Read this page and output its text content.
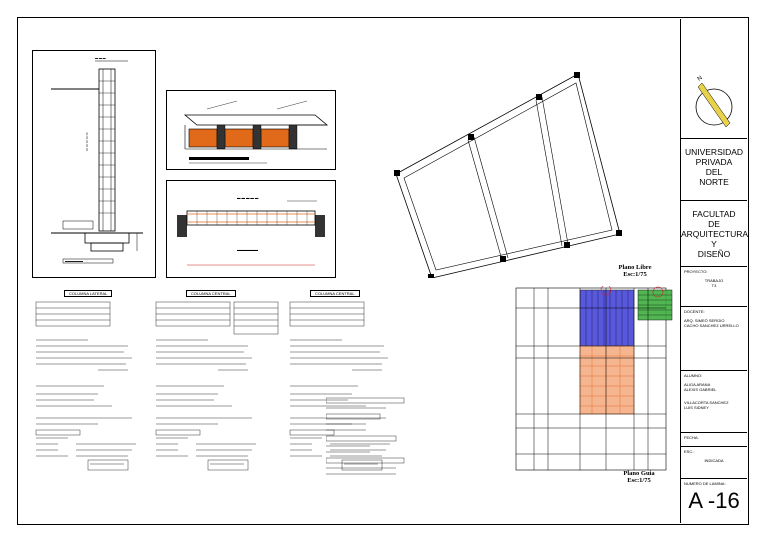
▬ ▬ ▬
═ ═ ═ ═ ═
▬▬▬▬▬▬
▬ ▬ ▬ ▬ ▬
▬▬▬▬▬▬
Plano Libre
Esc:1/75
COLUMNA LATERAL	COLUMNA CENTRAL	COLUMNA CENTRAL
Plano Guia
Esc:1/75
N
UNIVERSIDAD
PRIVADA
DEL
NORTE
FACULTAD
DE
ARQUITECTURA
Y
DISEÑO
PROYECTO:
TRABAJO
T3
DOCENTE:
ARQ. SIMEÓ SERGIO
CACHO SANCHEZ URRELLO
ALUMNO:
ALIGA ARANA
ALEXIS GABRIEL
VILLACORTA SANCHEZ
LUIS SIDNEY
FECHA:
ESC.:
INDICADA
NUMERO DE LAMINA:
A -16
